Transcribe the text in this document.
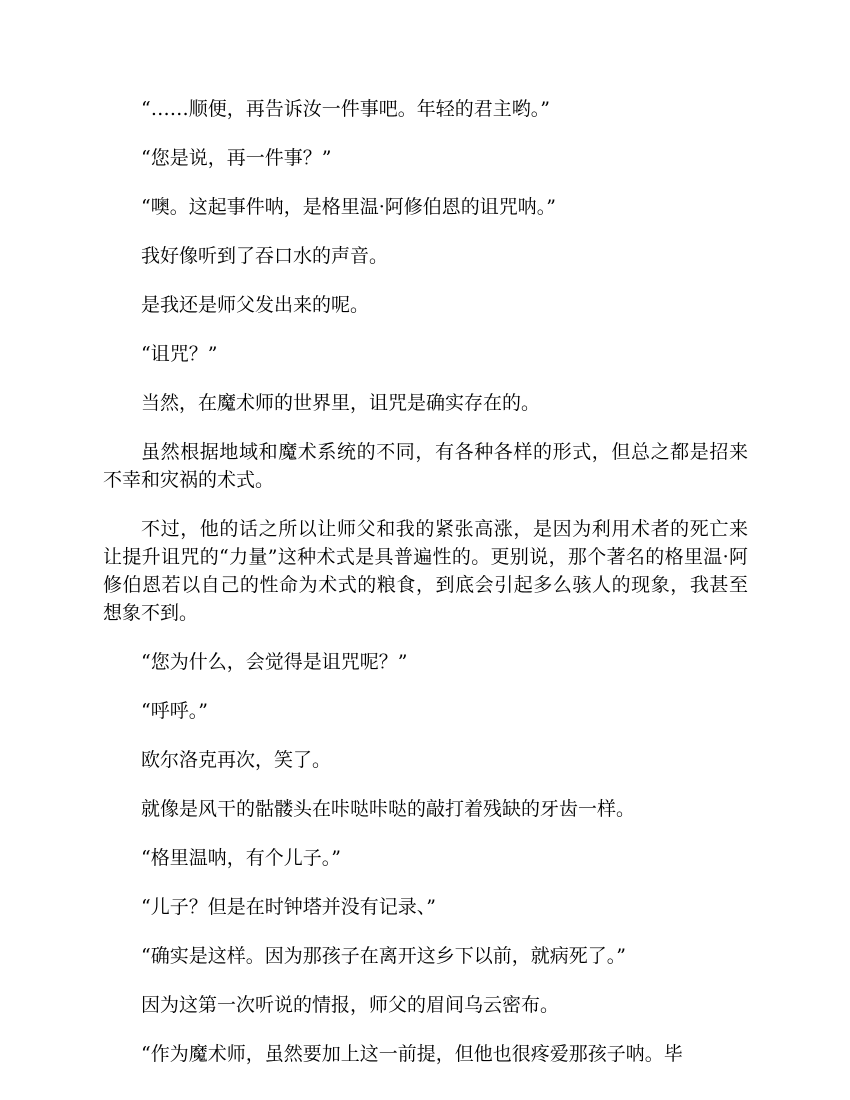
“……顺便，再告诉汝一件事吧。年轻的君主哟。”

“您是说，再一件事？”

“噢。这起事件呐，是格里温·阿修伯恩的诅咒呐。”

我好像听到了吞口水的声音。

是我还是师父发出来的呢。

“诅咒？”

当然，在魔术师的世界里，诅咒是确实存在的。

虽然根据地域和魔术系统的不同，有各种各样的形式，但总之都是招来不幸和灾祸的术式。

不过，他的话之所以让师父和我的紧张高涨，是因为利用术者的死亡来让提升诅咒的“力量”这种术式是具普遍性的。更别说，那个著名的格里温·阿修伯恩若以自己的性命为术式的粮食，到底会引起多么骇人的现象，我甚至想象不到。

“您为什么，会觉得是诅咒呢？”

“呼呼。”

欧尔洛克再次，笑了。

就像是风干的骷髅头在咔哒咔哒的敲打着残缺的牙齿一样。

“格里温呐，有个儿子。”

“儿子？但是在时钟塔并没有记录、”

“确实是这样。因为那孩子在离开这乡下以前，就病死了。”

因为这第一次听说的情报，师父的眉间乌云密布。

“作为魔术师，虽然要加上这一前提，但他也很疼爱那孩子呐。毕
